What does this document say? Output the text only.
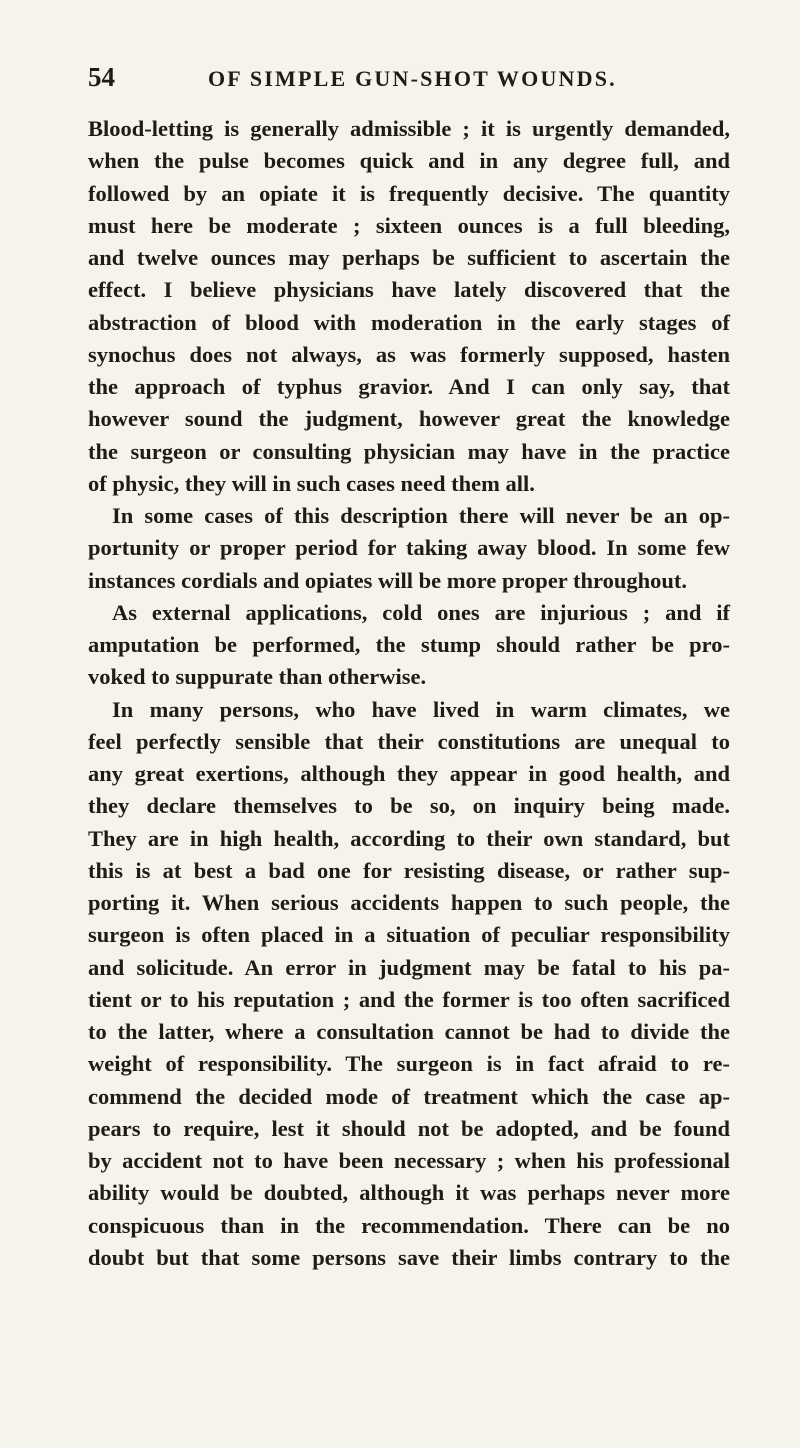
54	OF SIMPLE GUN-SHOT WOUNDS.
Blood-letting is generally admissible ; it is urgently demanded,
when the pulse becomes quick and in any degree full, and
followed by an opiate it is frequently decisive. The quantity
must here be moderate ; sixteen ounces is a full bleeding,
and twelve ounces may perhaps be sufficient to ascertain the
effect. I believe physicians have lately discovered that the
abstraction of blood with moderation in the early stages of
synochus does not always, as was formerly supposed, hasten
the approach of typhus gravior. And I can only say, that
however sound the judgment, however great the knowledge
the surgeon or consulting physician may have in the practice
of physic, they will in such cases need them all.
In some cases of this description there will never be an op-
portunity or proper period for taking away blood. In some few
instances cordials and opiates will be more proper throughout.
As external applications, cold ones are injurious ; and if
amputation be performed, the stump should rather be pro-
voked to suppurate than otherwise.
In many persons, who have lived in warm climates, we
feel perfectly sensible that their constitutions are unequal to
any great exertions, although they appear in good health, and
they declare themselves to be so, on inquiry being made.
They are in high health, according to their own standard, but
this is at best a bad one for resisting disease, or rather sup-
porting it. When serious accidents happen to such people, the
surgeon is often placed in a situation of peculiar responsibility
and solicitude. An error in judgment may be fatal to his pa-
tient or to his reputation ; and the former is too often sacrificed
to the latter, where a consultation cannot be had to divide the
weight of responsibility. The surgeon is in fact afraid to re-
commend the decided mode of treatment which the case ap-
pears to require, lest it should not be adopted, and be found
by accident not to have been necessary ; when his professional
ability would be doubted, although it was perhaps never more
conspicuous than in the recommendation. There can be no
doubt but that some persons save their limbs contrary to the
